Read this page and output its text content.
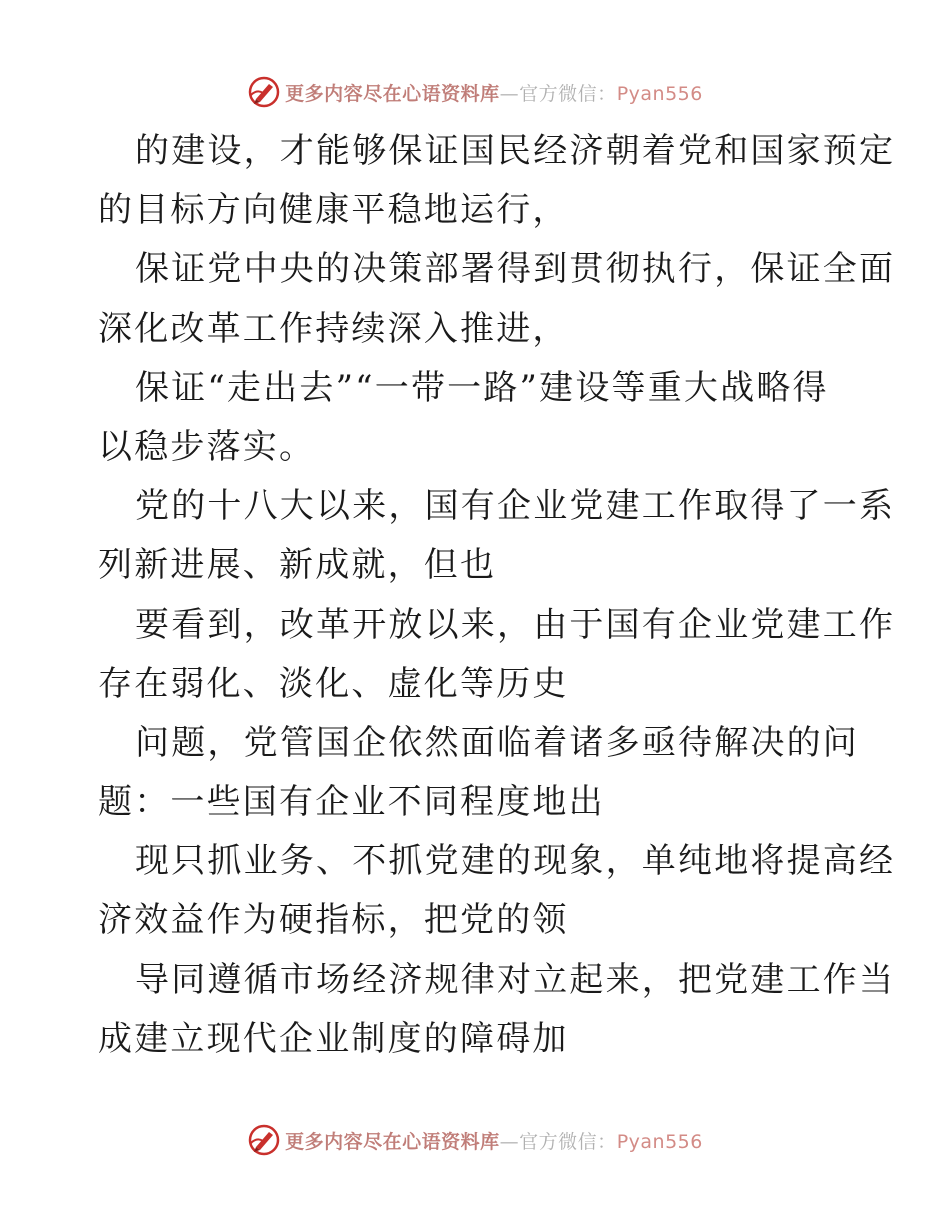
更多内容尽在心语资料库—官方微信：Pyan556
的建设，才能够保证国民经济朝着党和国家预定
的目标方向健康平稳地运行，
保证党中央的决策部署得到贯彻执行，保证全面
深化改革工作持续深入推进，
保证“走出去”“一带一路”建设等重大战略得
以稳步落实。
党的十八大以来，国有企业党建工作取得了一系
列新进展、新成就，但也
要看到，改革开放以来，由于国有企业党建工作
存在弱化、淡化、虚化等历史
问题，党管国企依然面临着诸多亟待解决的问
题：一些国有企业不同程度地出
现只抓业务、不抓党建的现象，单纯地将提高经
济效益作为硬指标，把党的领
导同遵循市场经济规律对立起来，把党建工作当
成建立现代企业制度的障碍加
更多内容尽在心语资料库—官方微信：Pyan556
